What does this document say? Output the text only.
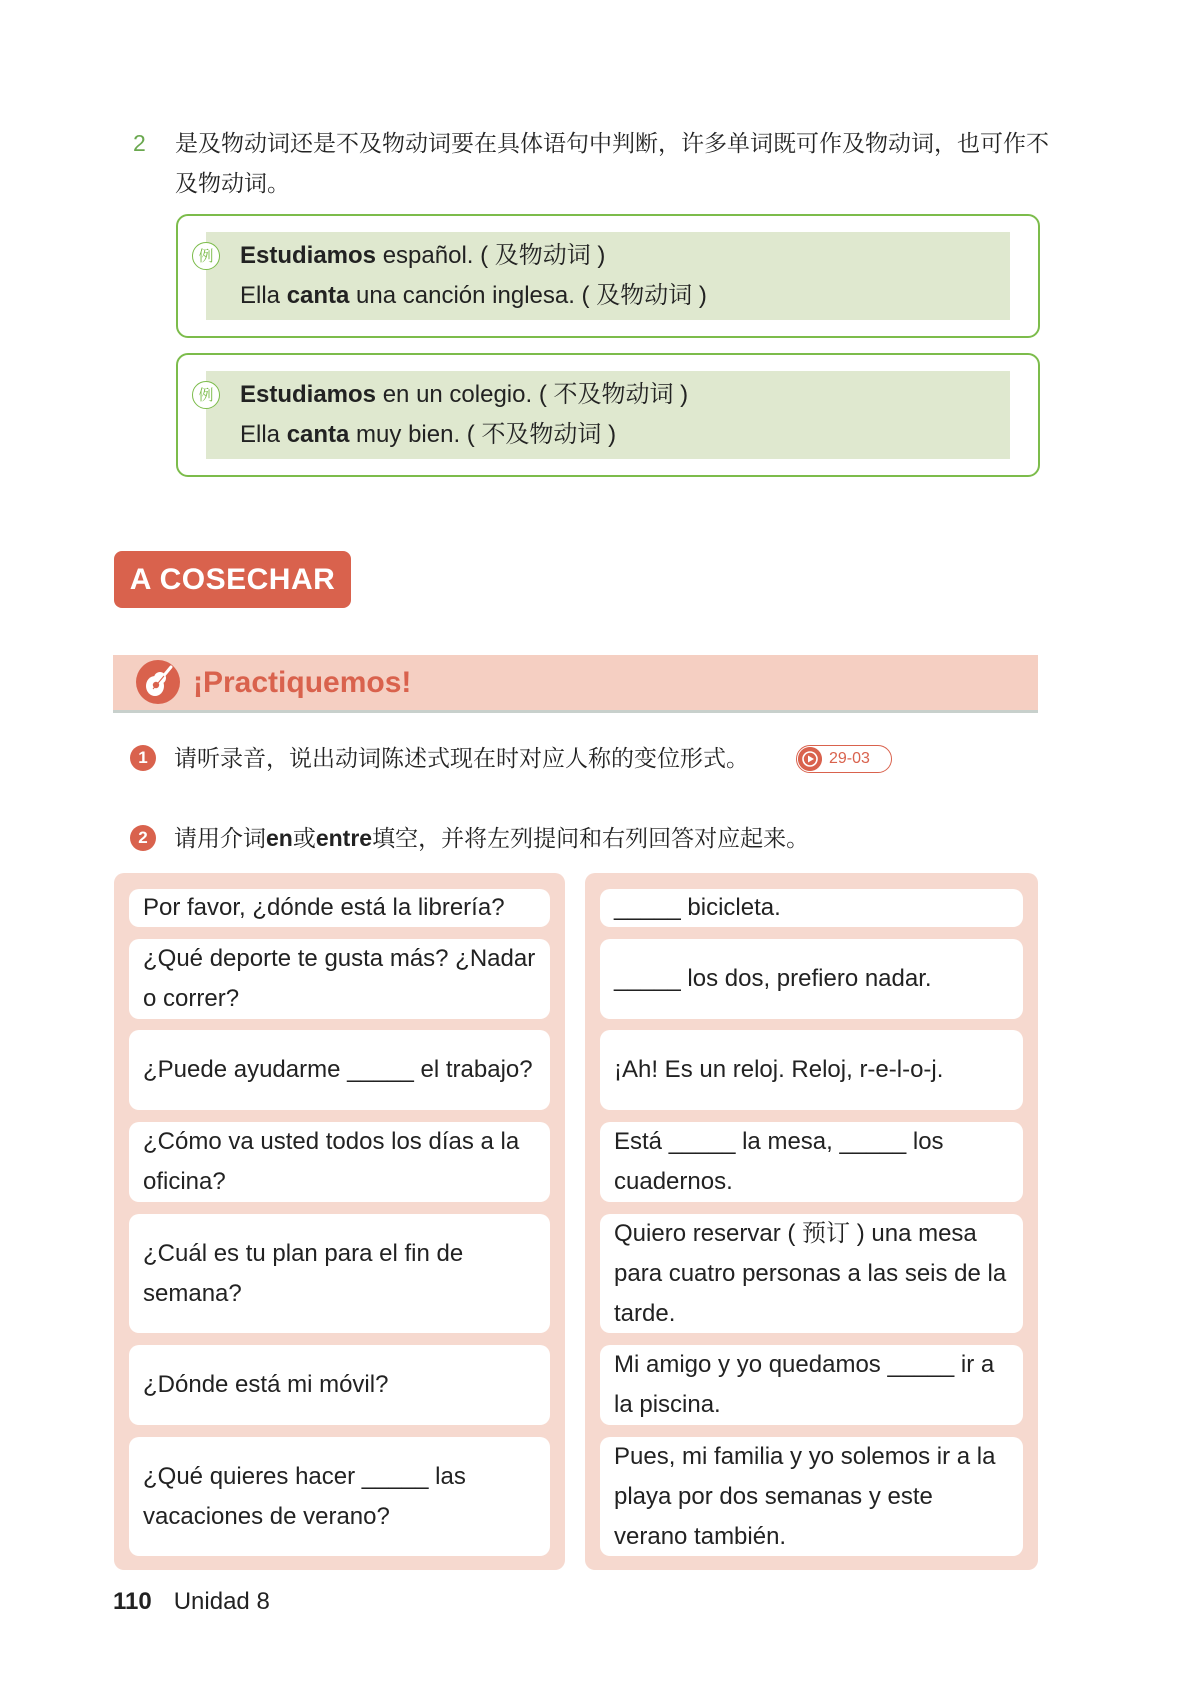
2 是及物动词还是不及物动词要在具体语句中判断，许多单词既可作及物动词，也可作不及物动词。
例 Estudiamos español. ( 及物动词 )
Ella canta una canción inglesa. ( 及物动词 )
例 Estudiamos en un colegio. ( 不及物动词 )
Ella canta muy bien. ( 不及物动词 )
A COSECHAR
¡Practiquemos!
1	请听录音，说出动词陈述式现在时对应人称的变位形式。	29-03
2	请用介词en或entre填空，并将左列提问和右列回答对应起来。
Por favor, ¿dónde está la librería?
¿Qué deporte te gusta más? ¿Nadar o correr?
¿Puede ayudarme _____ el trabajo?
¿Cómo va usted todos los días a la oficina?
¿Cuál es tu plan para el fin de semana?
¿Dónde está mi móvil?
¿Qué quieres hacer _____ las vacaciones de verano?
_____ bicicleta.
_____ los dos, prefiero nadar.
¡Ah! Es un reloj. Reloj, r-e-l-o-j.
Está _____ la mesa, _____ los cuadernos.
Quiero reservar ( 预订 ) una mesa para cuatro personas a las seis de la tarde.
Mi amigo y yo quedamos _____ ir a la piscina.
Pues, mi familia y yo solemos ir a la playa por dos semanas y este verano también.
110 Unidad 8
